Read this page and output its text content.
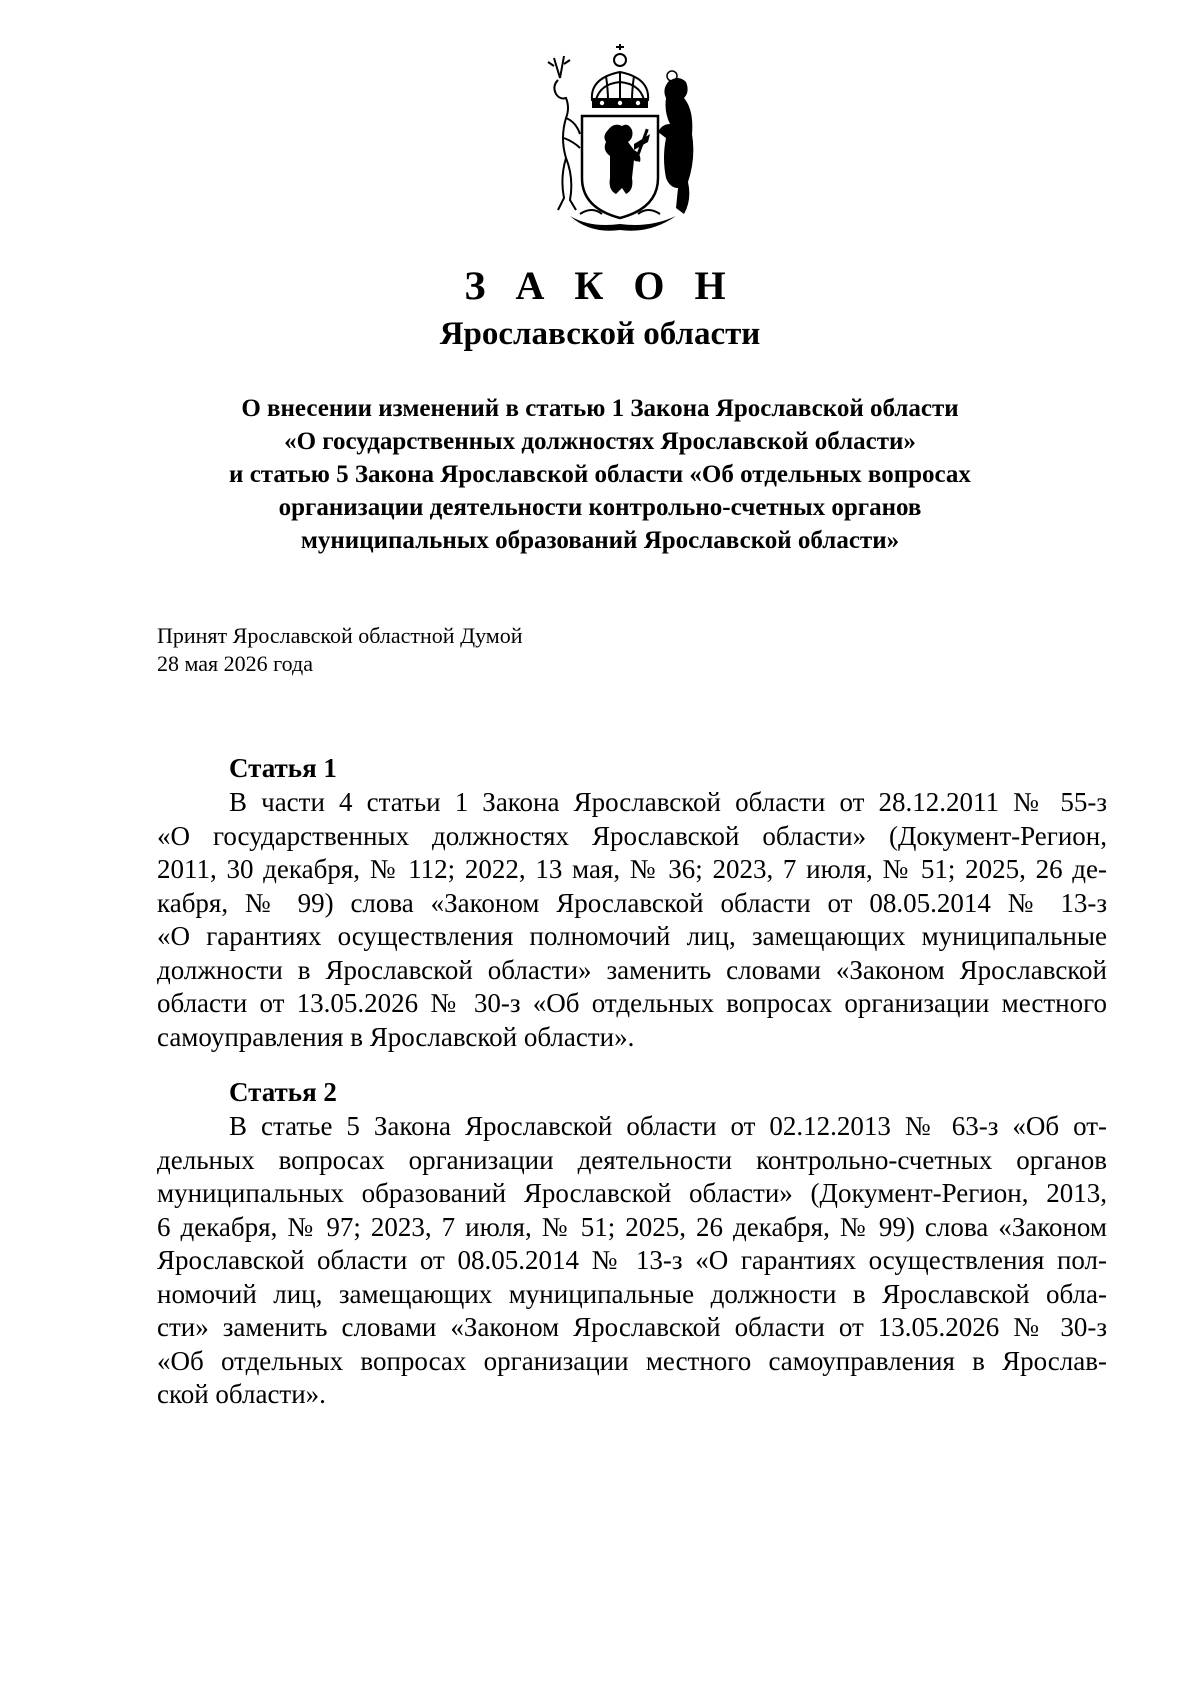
З А К О Н
Ярославской области
О внесении изменений в статью 1 Закона Ярославской области
«О государственных должностях Ярославской области»
и статью 5 Закона Ярославской области «Об отдельных вопросах
организации деятельности контрольно-счетных органов
муниципальных образований Ярославской области»
Принят Ярославской областной Думой
28 мая 2026 года
Статья 1
В части 4 статьи 1 Закона Ярославской области от 28.12.2011 № 55-з
«О государственных должностях Ярославской области» (Документ-Регион,
2011, 30 декабря, № 112; 2022, 13 мая, № 36; 2023, 7 июля, № 51; 2025, 26 де-
кабря, № 99) слова «Законом Ярославской области от 08.05.2014 № 13-з
«О гарантиях осуществления полномочий лиц, замещающих муниципальные
должности в Ярославской области» заменить словами «Законом Ярославской
области от 13.05.2026 № 30-з «Об отдельных вопросах организации местного
самоуправления в Ярославской области».
Статья 2
В статье 5 Закона Ярославской области от 02.12.2013 № 63-з «Об от-
дельных вопросах организации деятельности контрольно-счетных органов
муниципальных образований Ярославской области» (Документ-Регион, 2013,
6 декабря, № 97; 2023, 7 июля, № 51; 2025, 26 декабря, № 99) слова «Законом
Ярославской области от 08.05.2014 № 13-з «О гарантиях осуществления пол-
номочий лиц, замещающих муниципальные должности в Ярославской обла-
сти» заменить словами «Законом Ярославской области от 13.05.2026 № 30-з
«Об отдельных вопросах организации местного самоуправления в Ярослав-
ской области».
